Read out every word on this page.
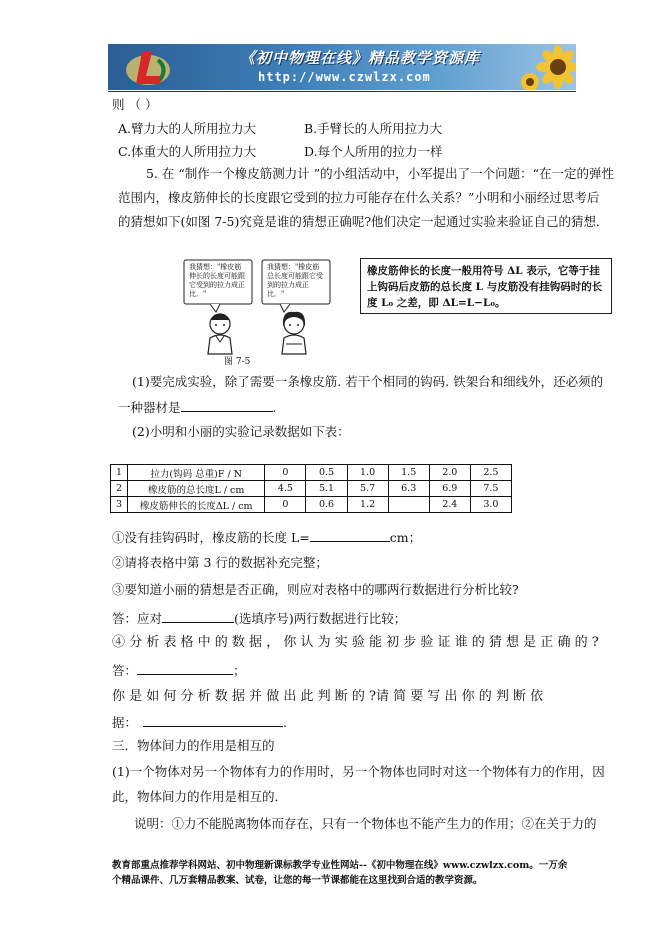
《初中物理在线》精品教学资源库
http://www.czwlzx.com
则 （ ）
A.臂力大的人所用拉力大	B.手臂长的人所用拉力大
C.体重大的人所用拉力大	D.每个人所用的拉力一样
5. 在 “制作一个橡皮筋测力计 ”的小组活动中，小军提出了一个问题：“在一定的弹性
范围内，橡皮筋伸长的长度跟它受到的拉力可能存在什么关系？”小明和小丽经过思考后
的猜想如下(如图 7-5)究竟是谁的猜想正确呢?他们决定一起通过实验来验证自己的猜想．
我猜想："橡皮筋伸长的长度可能跟它受到的拉力成正比．"
我猜想："橡皮筋总长度可能跟它受到的拉力成正比．"
图 7-5
橡皮筋伸长的长度一般用符号 ΔL 表示，它等于挂
上钩码后皮筋的总长度 L 与皮筋没有挂钩码时的长
度 L₀ 之差，即 ΔL=L−L₀。
(1)要完成实验，除了需要一条橡皮筋. 若干个相同的钩码. 铁架台和细线外，还必须的
一种器材是	.
(2)小明和小丽的实验记录数据如下表：
1	拉力(钩码 总重)F / N	0	0.5	1.0	1.5	2.0	2.5
2	橡皮筋的总长度L / cm	4.5	5.1	5.7	6.3	6.9	7.5
3	橡皮筋伸长的长度ΔL / cm	0	0.6	1.2		2.4	3.0
①没有挂钩码时，橡皮筋的长度 L=	cm；
②请将表格中第 3 行的数据补充完整；
③要知道小丽的猜想是否正确，则应对表格中的哪两行数据进行分析比较?
答：应对	(选填序号)两行数据进行比较；
④ 分 析 表 格 中 的 数 据 ， 你 认 为 实 验 能 初 步 验 证 谁 的 猜 想 是 正 确 的 ?
答：	；
你 是 如 何 分 析 数 据 并 做 出 此 判 断 的 ?请 简 要 写 出 你 的 判 断 依
据：	.
三．物体间力的作用是相互的
(1)一个物体对另一个物体有力的作用时，另一个物体也同时对这一个物体有力的作用，因
此，物体间力的作用是相互的．
说明：①力不能脱离物体而存在，只有一个物体也不能产生力的作用；②在关于力的
教育部重点推荐学科网站、初中物理新课标教学专业性网站--《初中物理在线》www.czwlzx.com。一万余
个精品课件、几万套精品教案、试卷，让您的每一节课都能在这里找到合适的教学资源。
